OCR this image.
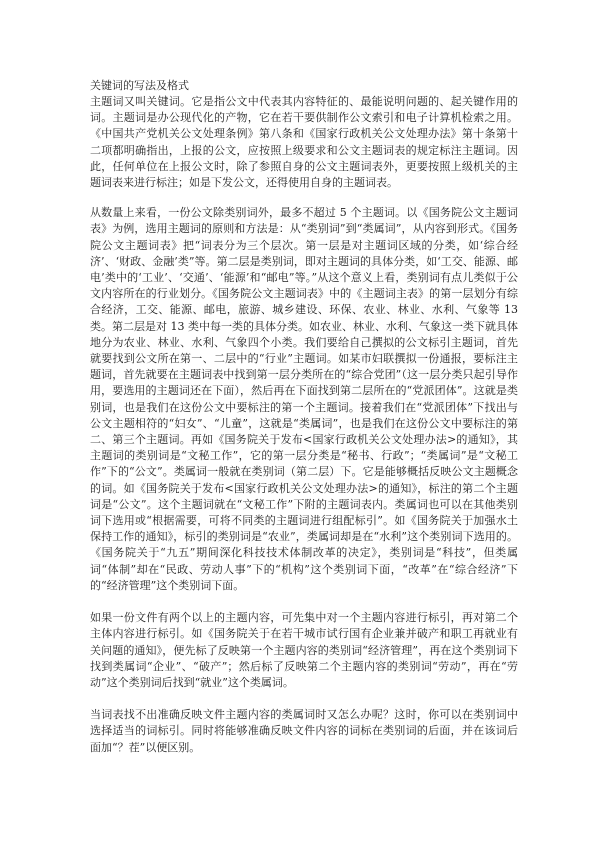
关键词的写法及格式

主题词又叫关键词。它是指公文中代表其内容特征的、最能说明问题的、起关键作用的词。主题词是办公现代化的产物，它在若干要供制作公文索引和电子计算机检索之用。《中国共产党机关公文处理条例》第八条和《国家行政机关公文处理办法》第十条第十二项都明确指出，上报的公文，应按照上级要求和公文主题词表的规定标注主题词。因此，任何单位在上报公文时，除了参照自身的公文主题词表外，更要按照上级机关的主题词表来进行标注；如是下发公文，还得使用自身的主题词表。

从数量上来看，一份公文除类别词外，最多不超过 5 个主题词。以《国务院公文主题词表》为例，选用主题词的原则和方法是：从“类别词”到“类属词”，从内容到形式。《国务院公文主题词表》把“词表分为三个层次。第一层是对主题词区域的分类，如‘综合经济’、‘财政、金融’类”等。第二层是类别词，即对主题词的具体分类，如‘工交、能源、邮电’类中的‘工业’、‘交通’、‘能源’和“邮电”等。”从这个意义上看，类别词有点儿类似于公文内容所在的行业划分。《国务院公文主题词表》中的《主题词主表》的第一层划分有综合经济，工交、能源、邮电，旅游、城乡建设、环保、农业、林业、水利、气象等 13 类。第二层是对 13 类中每一类的具体分类。如农业、林业、水利、气象这一类下就具体地分为农业、林业、水利、气象四个小类。我们要给自己撰拟的公文标引主题词，首先就要找到公文所在第一、二层中的“行业”主题词。如某市妇联撰拟一份通报，要标注主题词，首先就要在主题词表中找到第一层分类所在的“综合党团”（这一层分类只起引导作用，要选用的主题词还在下面），然后再在下面找到第二层所在的“党派团体”。这就是类别词，也是我们在这份公文中要标注的第一个主题词。接着我们在“党派团体”下找出与公文主题相符的“妇女”、“儿童”，这就是“类属词”，也是我们在这份公文中要标注的第二、第三个主题词。再如《国务院关于发布<国家行政机关公文处理办法>的通知》，其主题词的类别词是“文秘工作”，它的第一层分类是“秘书、行政”；“类属词”是“文秘工作”下的“公文”。类属词一般就在类别词（第二层）下。它是能够概括反映公文主题概念的词。如《国务院关于发布<国家行政机关公文处理办法>的通知》，标注的第二个主题词是“公文”。这个主题词就在“文秘工作”下附的主题词表内。类属词也可以在其他类别词下选用或“根据需要，可将不同类的主题词进行组配标引”。如《国务院关于加强水土保持工作的通知》，标引的类别词是“农业”，类属词却是在“水利”这个类别词下选用的。《国务院关于“九五”期间深化科技技术体制改革的决定》，类别词是“科技”，但类属词“体制”却在“民政、劳动人事”下的“机构”这个类别词下面，“改革”在“综合经济”下的“经济管理”这个类别词下面。

如果一份文件有两个以上的主题内容，可先集中对一个主题内容进行标引，再对第二个主体内容进行标引。如《国务院关于在若干城市试行国有企业兼并破产和职工再就业有关问题的通知》，便先标了反映第一个主题内容的类别词“经济管理”，再在这个类别词下找到类属词“企业”、“破产”；然后标了反映第二个主题内容的类别词“劳动”，再在“劳动”这个类别词后找到“就业”这个类属词。

当词表找不出准确反映文件主题内容的类属词时又怎么办呢？这时，你可以在类别词中选择适当的词标引。同时将能够准确反映文件内容的词标在类别词的后面，并在该词后面加“？茬”以便区别。
